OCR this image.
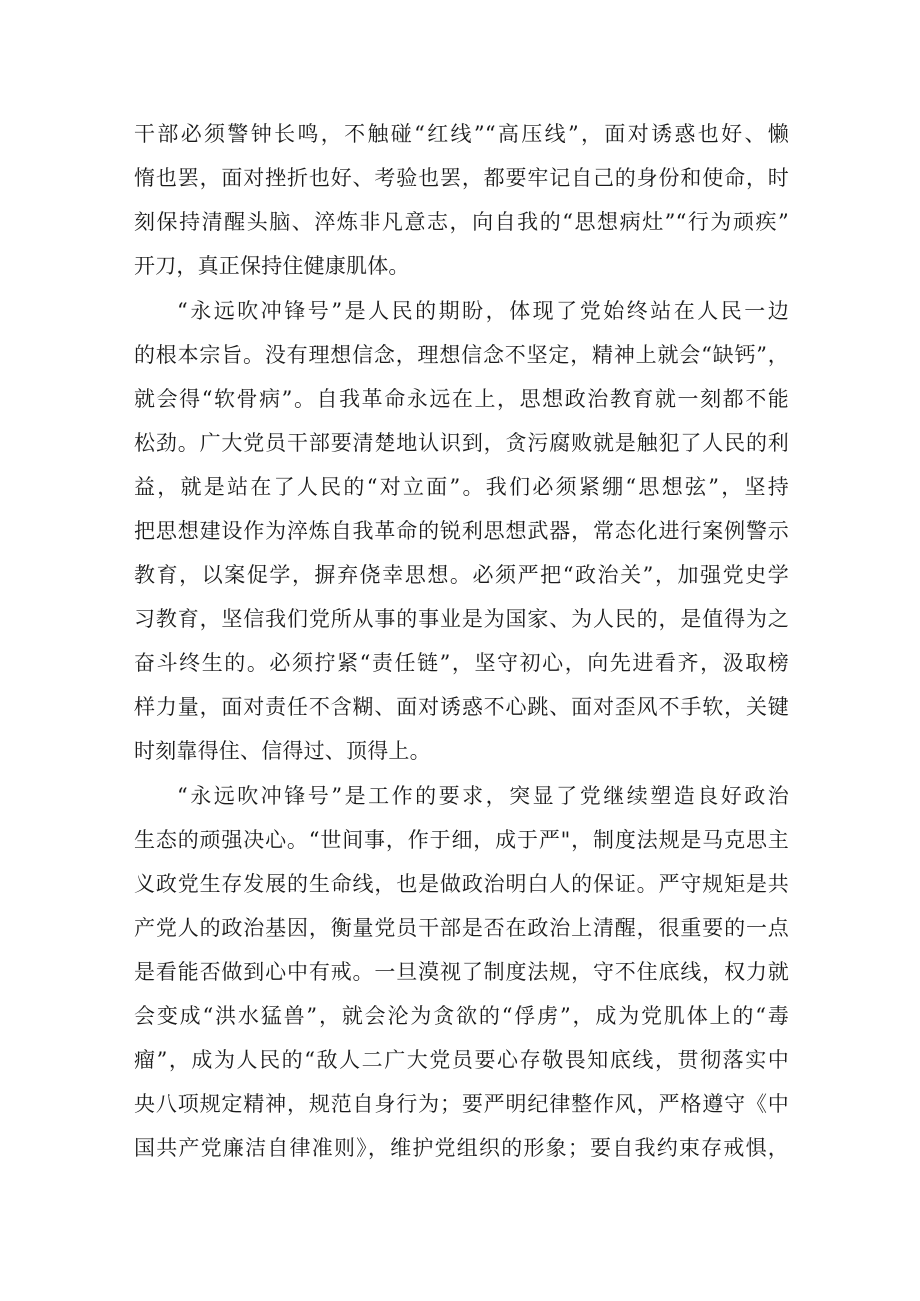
干部必须警钟长鸣，不触碰“红线”“高压线”，面对诱惑也好、懒

惰也罢，面对挫折也好、考验也罢，都要牢记自己的身份和使命，时

刻保持清醒头脑、淬炼非凡意志，向自我的“思想病灶”“行为顽疾”

开刀，真正保持住健康肌体。

“永远吹冲锋号”是人民的期盼，体现了党始终站在人民一边

的根本宗旨。没有理想信念，理想信念不坚定，精神上就会“缺钙”，

就会得“软骨病”。自我革命永远在上，思想政治教育就一刻都不能

松劲。广大党员干部要清楚地认识到，贪污腐败就是触犯了人民的利

益，就是站在了人民的“对立面”。我们必须紧绷“思想弦”，坚持

把思想建设作为淬炼自我革命的锐利思想武器，常态化进行案例警示

教育，以案促学，摒弃侥幸思想。必须严把“政治关”，加强党史学

习教育，坚信我们党所从事的事业是为国家、为人民的，是值得为之

奋斗终生的。必须拧紧“责任链”，坚守初心，向先进看齐，汲取榜

样力量，面对责任不含糊、面对诱惑不心跳、面对歪风不手软，关键

时刻靠得住、信得过、顶得上。

“永远吹冲锋号”是工作的要求，突显了党继续塑造良好政治

生态的顽强决心。“世间事，作于细，成于严"，制度法规是马克思主

义政党生存发展的生命线，也是做政治明白人的保证。严守规矩是共

产党人的政治基因，衡量党员干部是否在政治上清醒，很重要的一点

是看能否做到心中有戒。一旦漠视了制度法规，守不住底线，权力就

会变成“洪水猛兽”，就会沦为贪欲的“俘虏”，成为党肌体上的“毒

瘤”，成为人民的“敌人二广大党员要心存敬畏知底线，贯彻落实中

央八项规定精神，规范自身行为；要严明纪律整作风，严格遵守《中

国共产党廉洁自律准则》，维护党组织的形象；要自我约束存戒惧，
